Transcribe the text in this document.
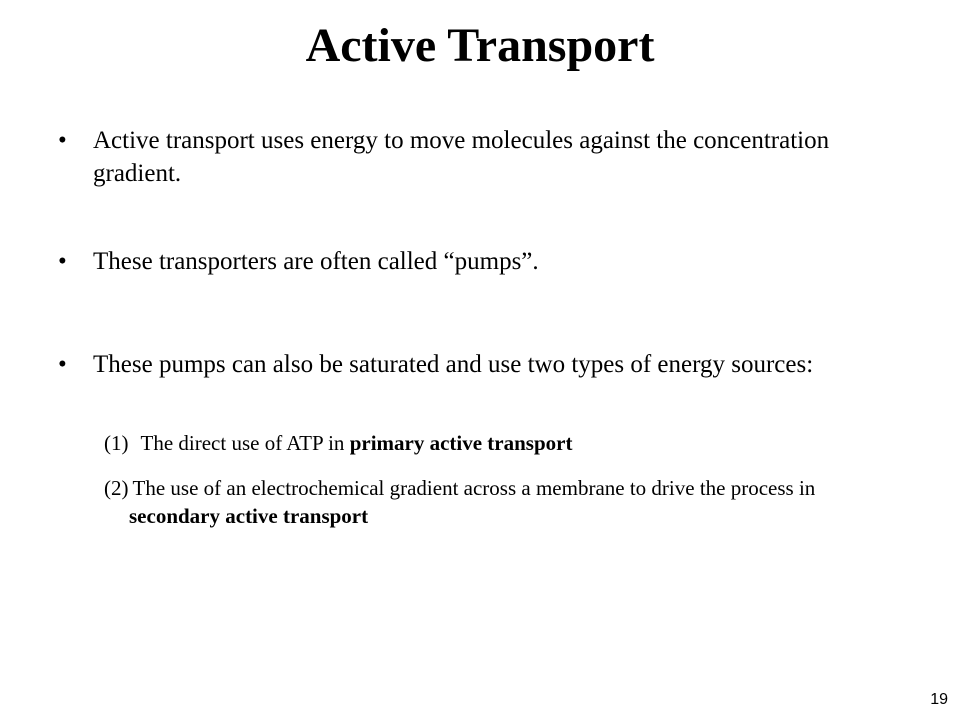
Active Transport
•	Active transport uses energy to move molecules against the concentration gradient.
•	These transporters are often called “pumps”.
•	These pumps can also be saturated and use two types of energy sources:
(1) The direct use of ATP in primary active transport
(2) The use of an electrochemical gradient across a membrane to drive the process in secondary active transport
19
